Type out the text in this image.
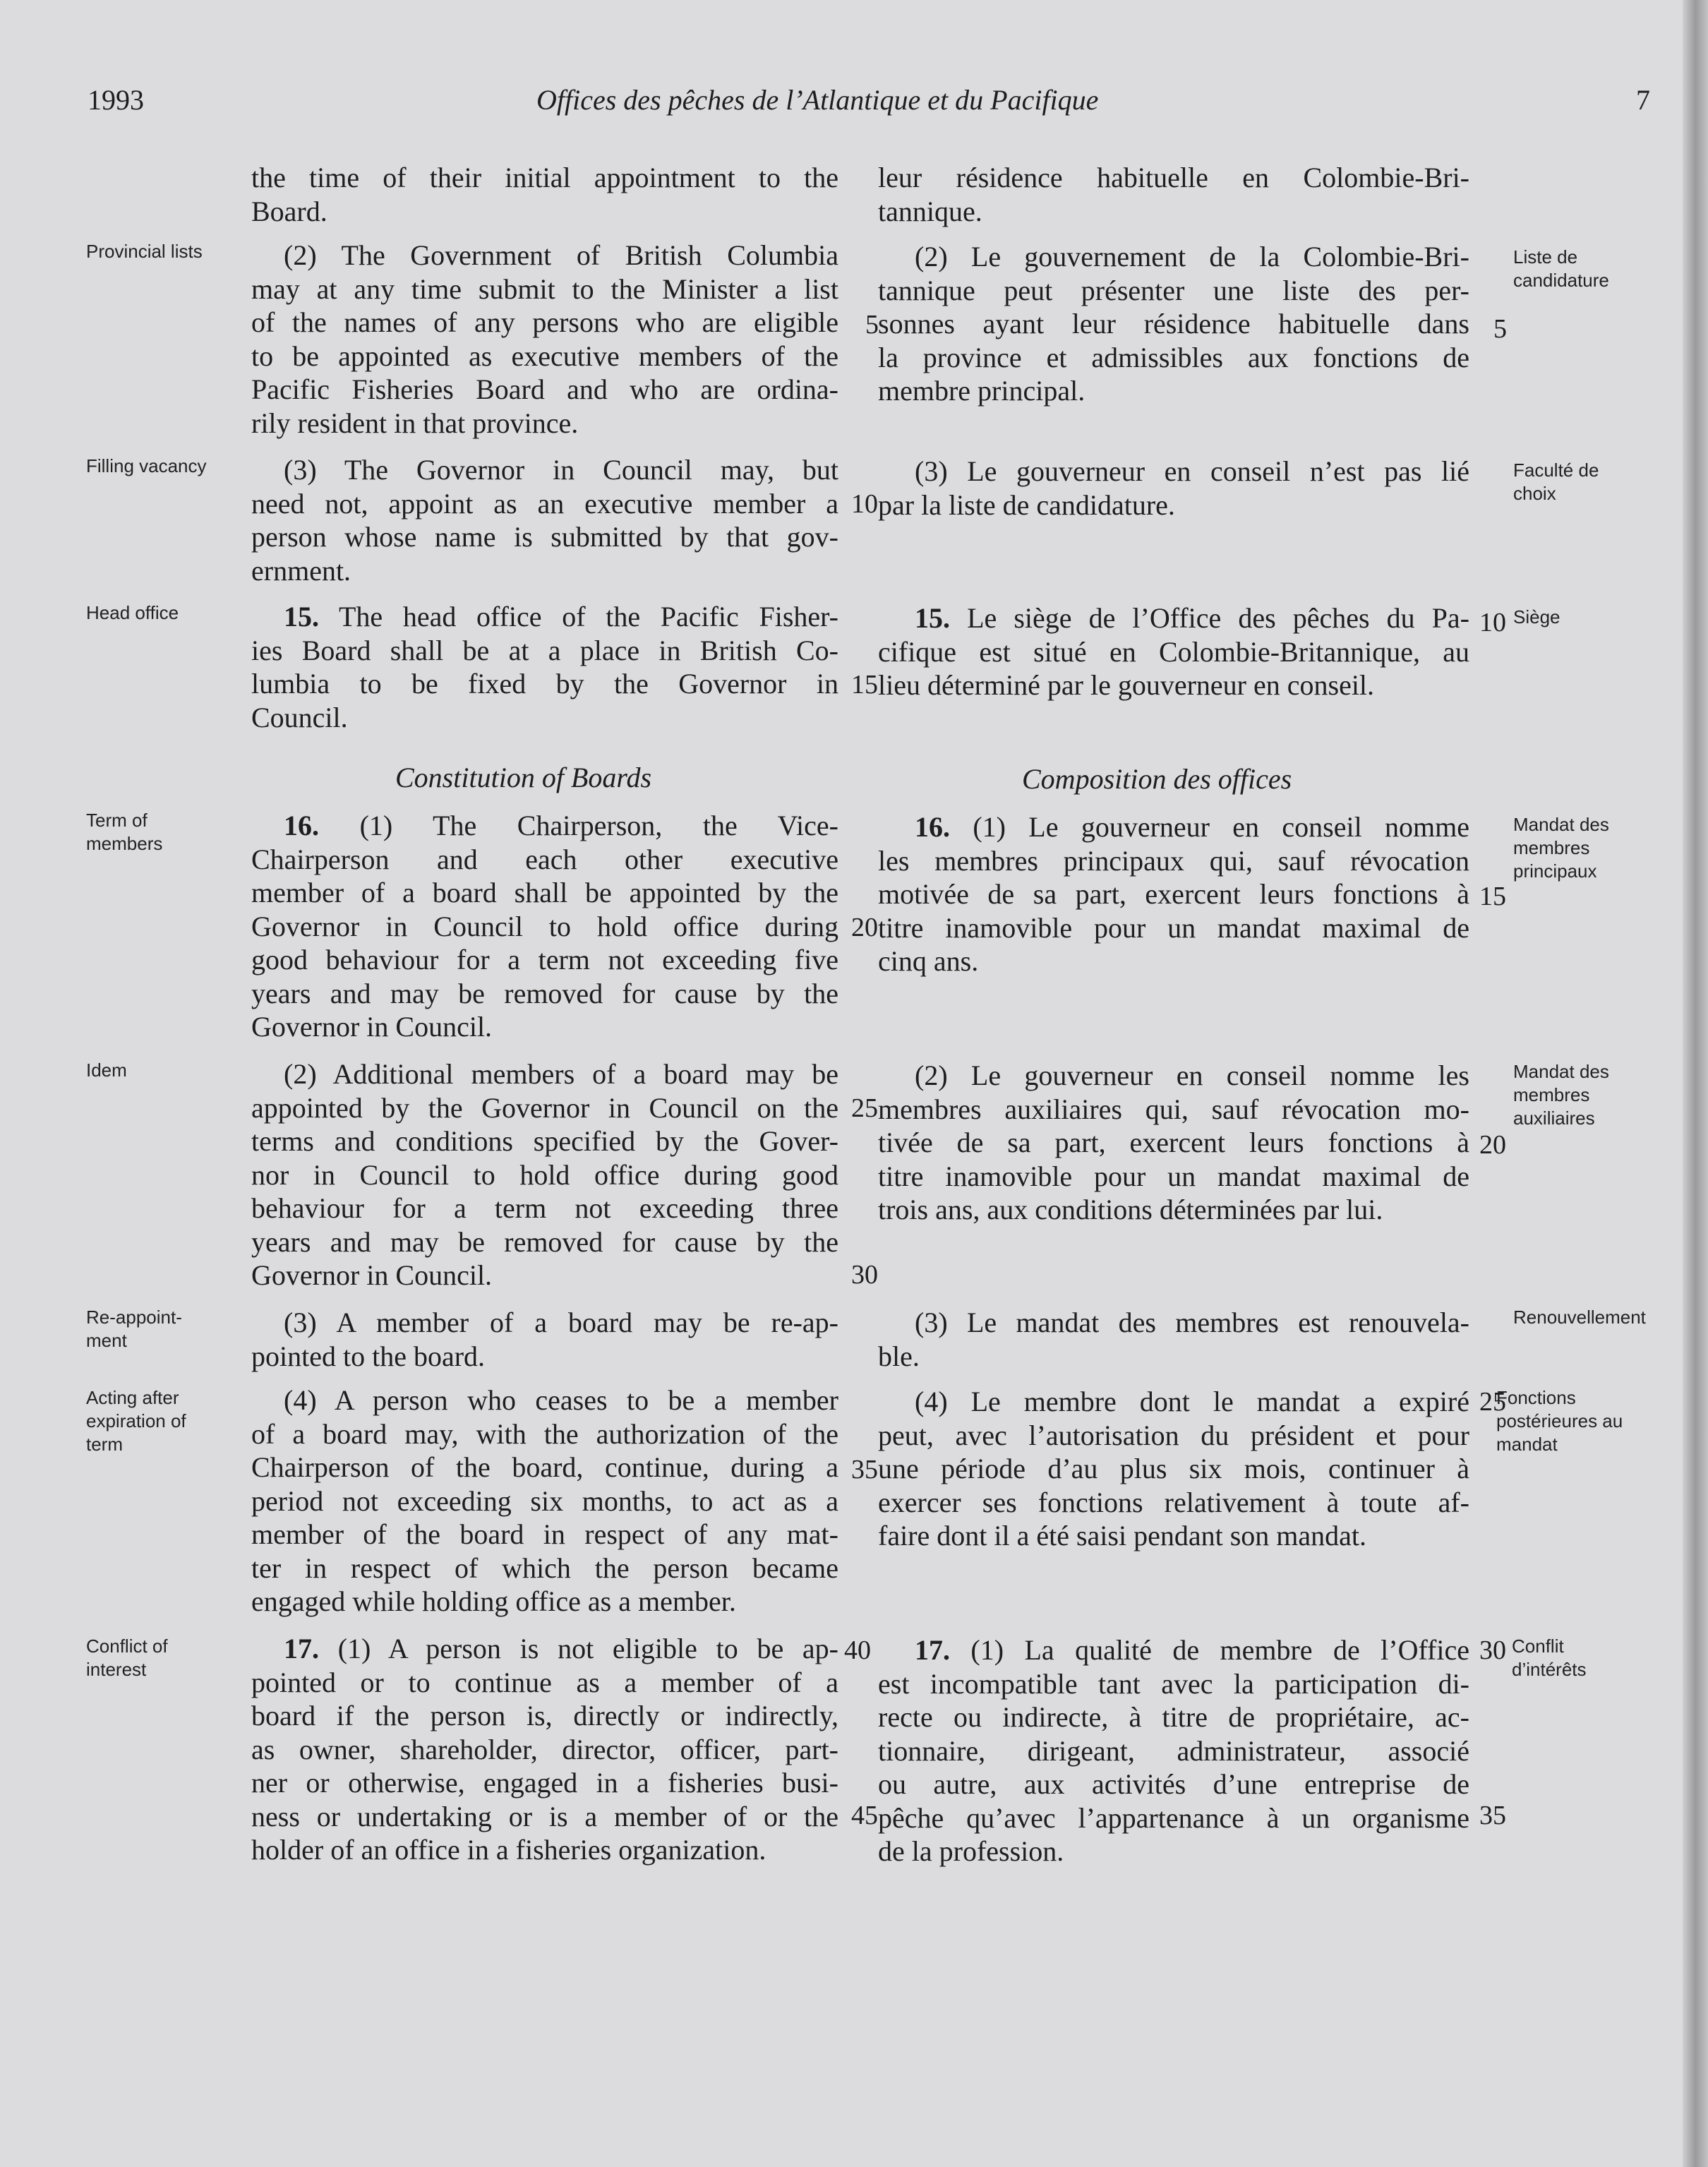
1993	Offices des pêches de l’Atlantique et du Pacifique	7
Provincial lists
Filling vacancy
Head office
Term of
members
Idem
Re-appoint-
ment
Acting after
expiration of
term
Conflict of
interest
Liste de
candidature
Faculté de
choix
Siège
Mandat des
membres
principaux
Mandat des
membres
auxiliaires
Renouvellement
Fonctions
postérieures au
mandat
Conflit
d’intérêts
5
10
15
20
25
30
35
40
45
5
10
15
20
25
30
35
the time of their initial appointment to the
Board.
(2) The Government of British Columbia
may at any time submit to the Minister a list
of the names of any persons who are eligible
to be appointed as executive members of the
Pacific Fisheries Board and who are ordina-
rily resident in that province.
(3) The Governor in Council may, but
need not, appoint as an executive member a
person whose name is submitted by that gov-
ernment.
15. The head office of the Pacific Fisher-
ies Board shall be at a place in British Co-
lumbia to be fixed by the Governor in
Council.
Constitution of Boards
16. (1) The Chairperson, the Vice-
Chairperson and each other executive
member of a board shall be appointed by the
Governor in Council to hold office during
good behaviour for a term not exceeding five
years and may be removed for cause by the
Governor in Council.
(2) Additional members of a board may be
appointed by the Governor in Council on the
terms and conditions specified by the Gover-
nor in Council to hold office during good
behaviour for a term not exceeding three
years and may be removed for cause by the
Governor in Council.
(3) A member of a board may be re-ap-
pointed to the board.
(4) A person who ceases to be a member
of a board may, with the authorization of the
Chairperson of the board, continue, during a
period not exceeding six months, to act as a
member of the board in respect of any mat-
ter in respect of which the person became
engaged while holding office as a member.
17. (1) A person is not eligible to be ap-
pointed or to continue as a member of a
board if the person is, directly or indirectly,
as owner, shareholder, director, officer, part-
ner or otherwise, engaged in a fisheries busi-
ness or undertaking or is a member of or the
holder of an office in a fisheries organization.
leur résidence habituelle en Colombie-Bri-
tannique.
(2) Le gouvernement de la Colombie-Bri-
tannique peut présenter une liste des per-
sonnes ayant leur résidence habituelle dans
la province et admissibles aux fonctions de
membre principal.
(3) Le gouverneur en conseil n’est pas lié
par la liste de candidature.
15. Le siège de l’Office des pêches du Pa-
cifique est situé en Colombie-Britannique, au
lieu déterminé par le gouverneur en conseil.
Composition des offices
16. (1) Le gouverneur en conseil nomme
les membres principaux qui, sauf révocation
motivée de sa part, exercent leurs fonctions à
titre inamovible pour un mandat maximal de
cinq ans.
(2) Le gouverneur en conseil nomme les
membres auxiliaires qui, sauf révocation mo-
tivée de sa part, exercent leurs fonctions à
titre inamovible pour un mandat maximal de
trois ans, aux conditions déterminées par lui.
(3) Le mandat des membres est renouvela-
ble.
(4) Le membre dont le mandat a expiré
peut, avec l’autorisation du président et pour
une période d’au plus six mois, continuer à
exercer ses fonctions relativement à toute af-
faire dont il a été saisi pendant son mandat.
17. (1) La qualité de membre de l’Office
est incompatible tant avec la participation di-
recte ou indirecte, à titre de propriétaire, ac-
tionnaire, dirigeant, administrateur, associé
ou autre, aux activités d’une entreprise de
pêche qu’avec l’appartenance à un organisme
de la profession.
